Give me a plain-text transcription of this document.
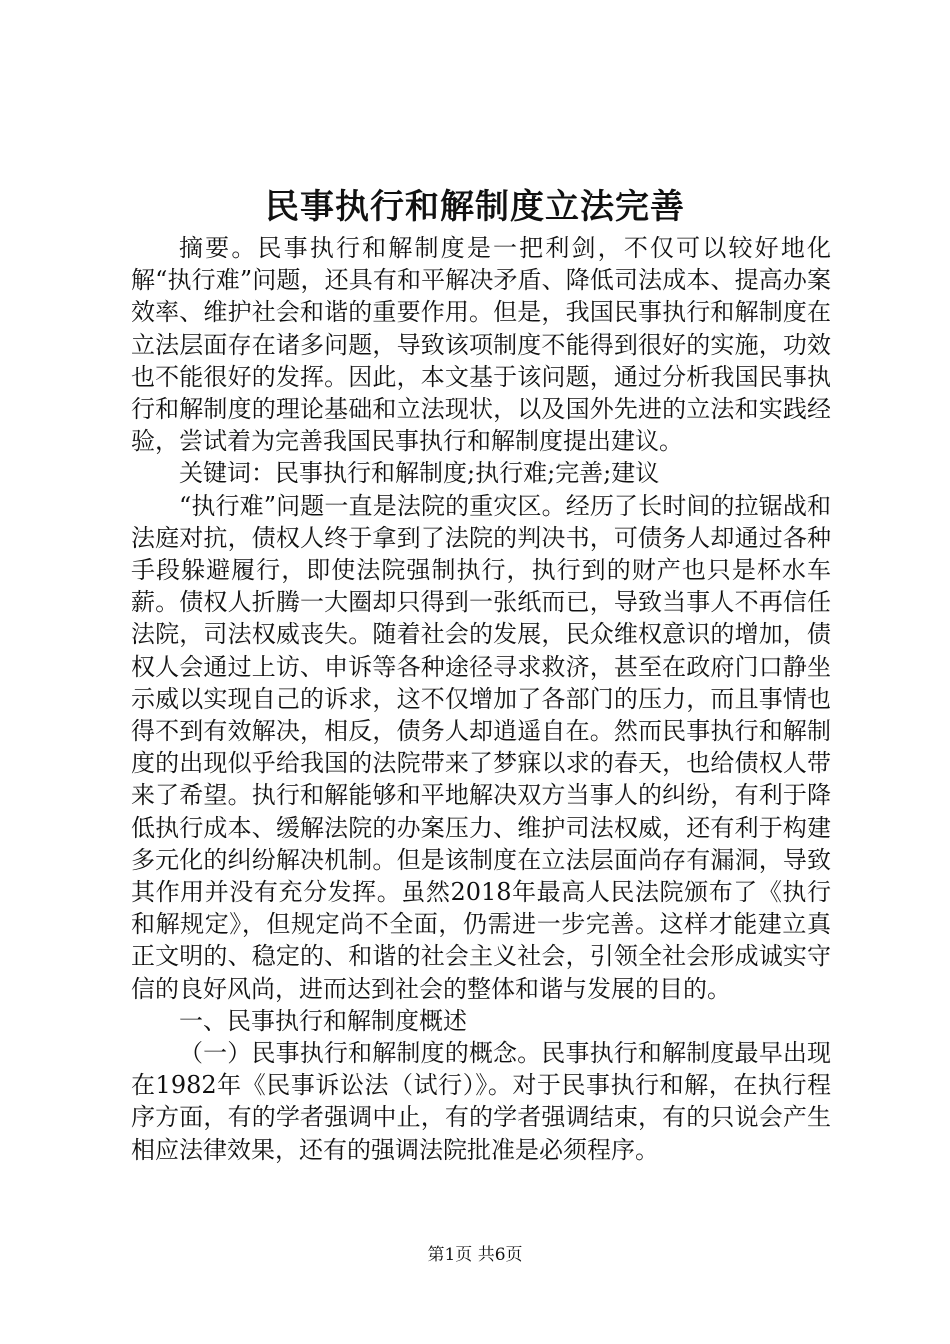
民事执行和解制度立法完善

摘要。民事执行和解制度是一把利剑，不仅可以较好地化解“执行难”问题，还具有和平解决矛盾、降低司法成本、提高办案效率、维护社会和谐的重要作用。但是，我国民事执行和解制度在立法层面存在诸多问题，导致该项制度不能得到很好的实施，功效也不能很好的发挥。因此，本文基于该问题，通过分析我国民事执行和解制度的理论基础和立法现状，以及国外先进的立法和实践经验，尝试着为完善我国民事执行和解制度提出建议。

关键词：民事执行和解制度;执行难;完善;建议

“执行难”问题一直是法院的重灾区。经历了长时间的拉锯战和法庭对抗，债权人终于拿到了法院的判决书，可债务人却通过各种手段躲避履行，即使法院强制执行，执行到的财产也只是杯水车薪。债权人折腾一大圈却只得到一张纸而已，导致当事人不再信任法院，司法权威丧失。随着社会的发展，民众维权意识的增加，债权人会通过上访、申诉等各种途径寻求救济，甚至在政府门口静坐示威以实现自己的诉求，这不仅增加了各部门的压力，而且事情也得不到有效解决，相反，债务人却逍遥自在。然而民事执行和解制度的出现似乎给我国的法院带来了梦寐以求的春天，也给债权人带来了希望。执行和解能够和平地解决双方当事人的纠纷，有利于降低执行成本、缓解法院的办案压力、维护司法权威，还有利于构建多元化的纠纷解决机制。但是该制度在立法层面尚存有漏洞，导致其作用并没有充分发挥。虽然2018年最高人民法院颁布了《执行和解规定》，但规定尚不全面，仍需进一步完善。这样才能建立真正文明的、稳定的、和谐的社会主义社会，引领全社会形成诚实守信的良好风尚，进而达到社会的整体和谐与发展的目的。

一、民事执行和解制度概述

（一）民事执行和解制度的概念。民事执行和解制度最早出现在1982年《民事诉讼法（试行）》。对于民事执行和解，在执行程序方面，有的学者强调中止，有的学者强调结束，有的只说会产生相应法律效果，还有的强调法院批准是必须程序。

第1页 共6页
